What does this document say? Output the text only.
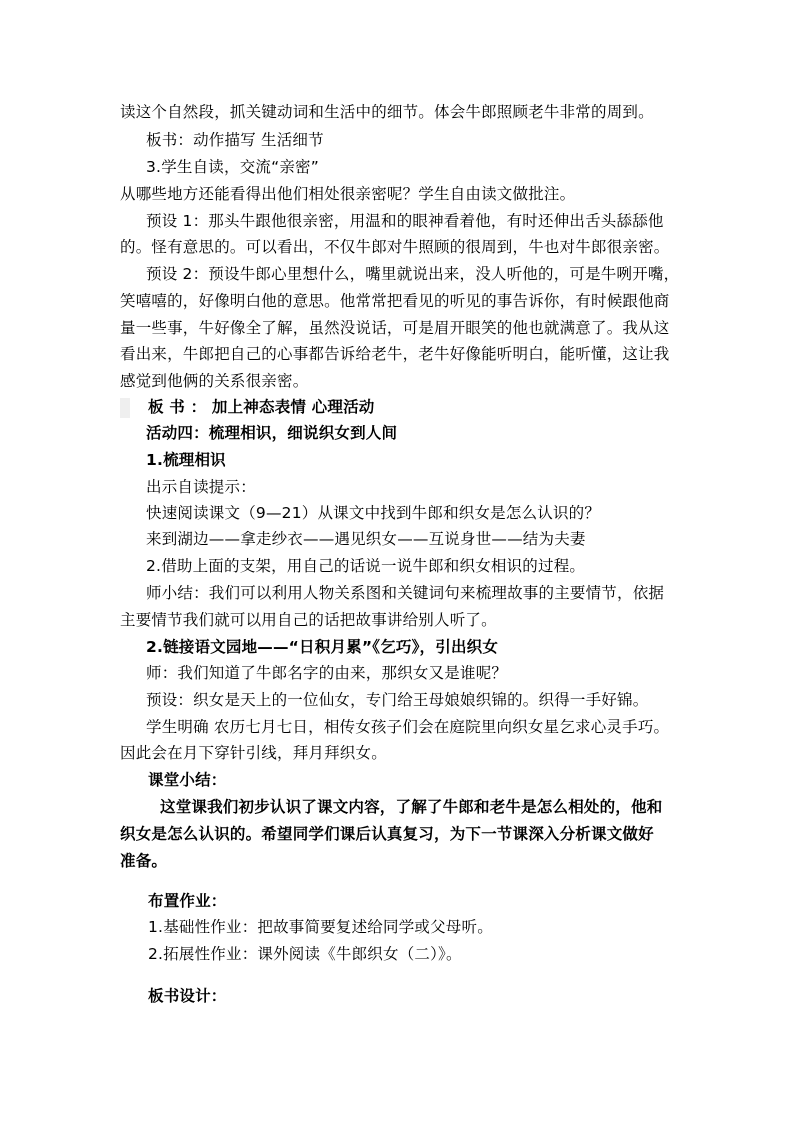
读这个自然段，抓关键动词和生活中的细节。体会牛郎照顾老牛非常的周到。
板书：动作描写 生活细节
3.学生自读，交流“亲密”
从哪些地方还能看得出他们相处很亲密呢？学生自由读文做批注。
预设 1：那头牛跟他很亲密，用温和的眼神看着他，有时还伸出舌头舔舔他
的。怪有意思的。可以看出，不仅牛郎对牛照顾的很周到，牛也对牛郎很亲密。
预设 2：预设牛郎心里想什么，嘴里就说出来，没人听他的，可是牛咧开嘴，
笑嘻嘻的，好像明白他的意思。他常常把看见的听见的事告诉你，有时候跟他商
量一些事，牛好像全了解，虽然没说话，可是眉开眼笑的他也就满意了。我从这
看出来，牛郎把自己的心事都告诉给老牛，老牛好像能听明白，能听懂，这让我
感觉到他俩的关系很亲密。
板 书 ： 加上神态表情 心理活动
活动四：梳理相识，细说织女到人间
1.梳理相识
出示自读提示：
快速阅读课文（9—21）从课文中找到牛郎和织女是怎么认识的？
来到湖边——拿走纱衣——遇见织女——互说身世——结为夫妻
2.借助上面的支架，用自己的话说一说牛郎和织女相识的过程。
师小结：我们可以利用人物关系图和关键词句来梳理故事的主要情节，依据
主要情节我们就可以用自己的话把故事讲给别人听了。
2.链接语文园地——“日积月累”《乞巧》，引出织女
师：我们知道了牛郎名字的由来，那织女又是谁呢？
预设：织女是天上的一位仙女，专门给王母娘娘织锦的。织得一手好锦。
学生明确 农历七月七日，相传女孩子们会在庭院里向织女星乞求心灵手巧。
因此会在月下穿针引线，拜月拜织女。
课堂小结：
这堂课我们初步认识了课文内容，了解了牛郎和老牛是怎么相处的，他和
织女是怎么认识的。希望同学们课后认真复习，为下一节课深入分析课文做好
准备。
布置作业：
1.基础性作业：把故事简要复述给同学或父母听。
2.拓展性作业：课外阅读《牛郎织女（二）》。
板书设计：
